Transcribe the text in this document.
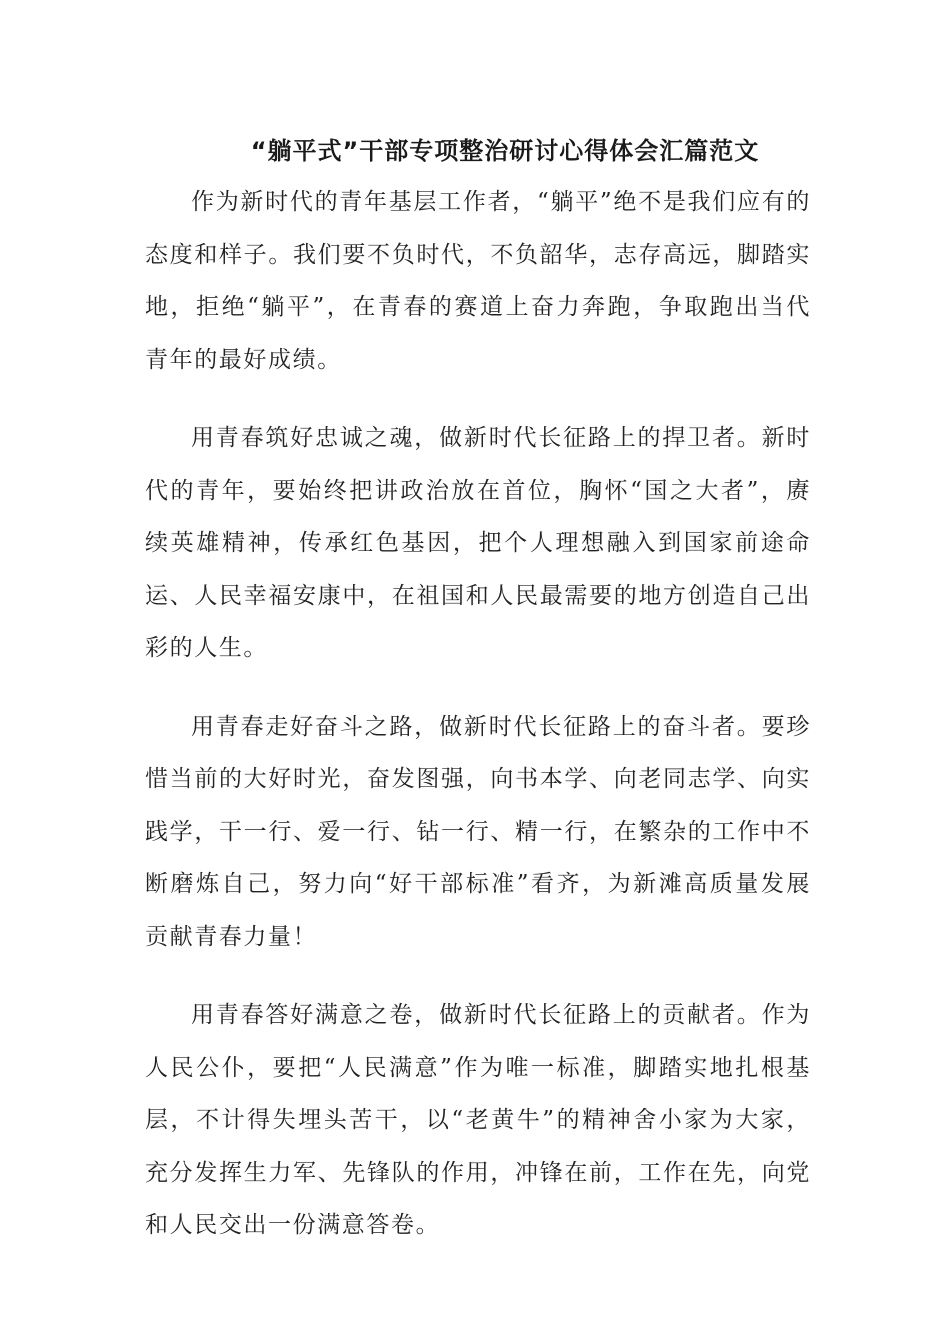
“躺平式”干部专项整治研讨心得体会汇篇范文

作为新时代的青年基层工作者，“躺平”绝不是我们应有的态度和样子。我们要不负时代，不负韶华，志存高远，脚踏实地，拒绝“躺平”，在青春的赛道上奋力奔跑，争取跑出当代青年的最好成绩。

用青春筑好忠诚之魂，做新时代长征路上的捍卫者。新时代的青年，要始终把讲政治放在首位，胸怀“国之大者”，赓续英雄精神，传承红色基因，把个人理想融入到国家前途命运、人民幸福安康中，在祖国和人民最需要的地方创造自己出彩的人生。

用青春走好奋斗之路，做新时代长征路上的奋斗者。要珍惜当前的大好时光，奋发图强，向书本学、向老同志学、向实践学，干一行、爱一行、钻一行、精一行，在繁杂的工作中不断磨炼自己，努力向“好干部标准”看齐，为新滩高质量发展贡献青春力量！

用青春答好满意之卷，做新时代长征路上的贡献者。作为人民公仆，要把“人民满意”作为唯一标准，脚踏实地扎根基层，不计得失埋头苦干，以“老黄牛”的精神舍小家为大家，充分发挥生力军、先锋队的作用，冲锋在前，工作在先，向党和人民交出一份满意答卷。
